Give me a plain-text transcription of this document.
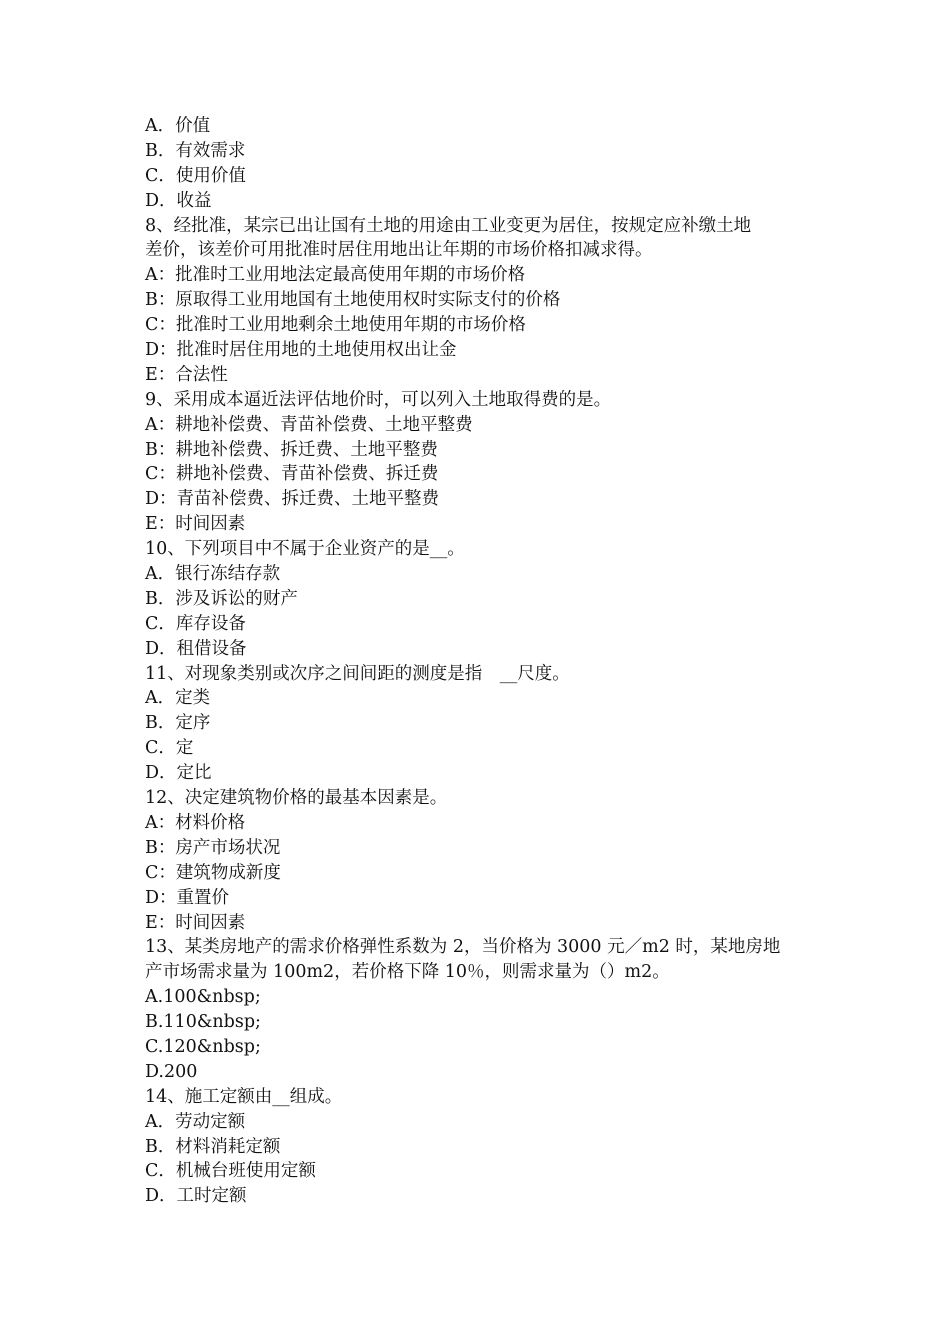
A．价值
B．有效需求
C．使用价值
D．收益
8、经批准，某宗已出让国有土地的用途由工业变更为居住，按规定应补缴土地
差价，该差价可用批准时居住用地出让年期的市场价格扣减求得。
A：批准时工业用地法定最高使用年期的市场价格
B：原取得工业用地国有土地使用权时实际支付的价格
C：批准时工业用地剩余土地使用年期的市场价格
D：批准时居住用地的土地使用权出让金
E：合法性
9、采用成本逼近法评估地价时，可以列入土地取得费的是。
A：耕地补偿费、青苗补偿费、土地平整费
B：耕地补偿费、拆迁费、土地平整费
C：耕地补偿费、青苗补偿费、拆迁费
D：青苗补偿费、拆迁费、土地平整费
E：时间因素
10、下列项目中不属于企业资产的是__。
A．银行冻结存款
B．涉及诉讼的财产
C．库存设备
D．租借设备
11、对现象类别或次序之间间距的测度是指　__尺度。
A．定类
B．定序
C．定
D．定比
12、决定建筑物价格的最基本因素是。
A：材料价格
B：房产市场状况
C：建筑物成新度
D：重置价
E：时间因素
13、某类房地产的需求价格弹性系数为 2，当价格为 3000 元／m2 时，某地房地
产市场需求量为 100m2，若价格下降 10％，则需求量为（）m2。
A.100&nbsp;
B.110&nbsp;
C.120&nbsp;
D.200
14、施工定额由__组成。
A．劳动定额
B．材料消耗定额
C．机械台班使用定额
D．工时定额
